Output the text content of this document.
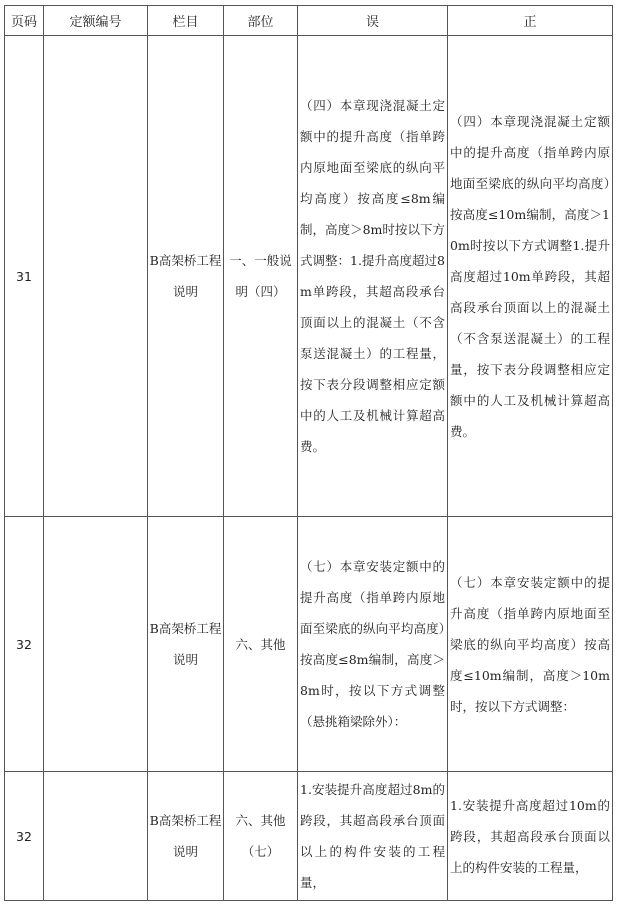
页码	定额编号	栏目	部位	误	正
31		B高架桥工程说明	一、一般说明（四）	（四）本章现浇混凝土定额中的提升高度（指单跨内原地面至梁底的纵向平均高度）按高度≤8m编制，高度＞8m时按以下方式调整：1.提升高度超过8m单跨段，其超高段承台顶面以上的混凝土（不含泵送混凝土）的工程量，按下表分段调整相应定额中的人工及机械计算超高费。	（四）本章现浇混凝土定额中的提升高度（指单跨内原地面至梁底的纵向平均高度）按高度≤10m编制，高度＞10m时按以下方式调整1.提升高度超过10m单跨段，其超高段承台顶面以上的混凝土（不含泵送混凝土）的工程量，按下表分段调整相应定额中的人工及机械计算超高费。
32		B高架桥工程说明	六、其他	（七）本章安装定额中的提升高度（指单跨内原地面至梁底的纵向平均高度）按高度≤8m编制，高度＞8m时，按以下方式调整（悬挑箱梁除外）：	（七）本章安装定额中的提升高度（指单跨内原地面至梁底的纵向平均高度）按高度≤10m编制，高度＞10m时，按以下方式调整：
32		B高架桥工程说明	六、其他（七）	1.安装提升高度超过8m的跨段，其超高段承台顶面以上的构件安装的工程量，	1.安装提升高度超过10m的跨段，其超高段承台顶面以上的构件安装的工程量，
